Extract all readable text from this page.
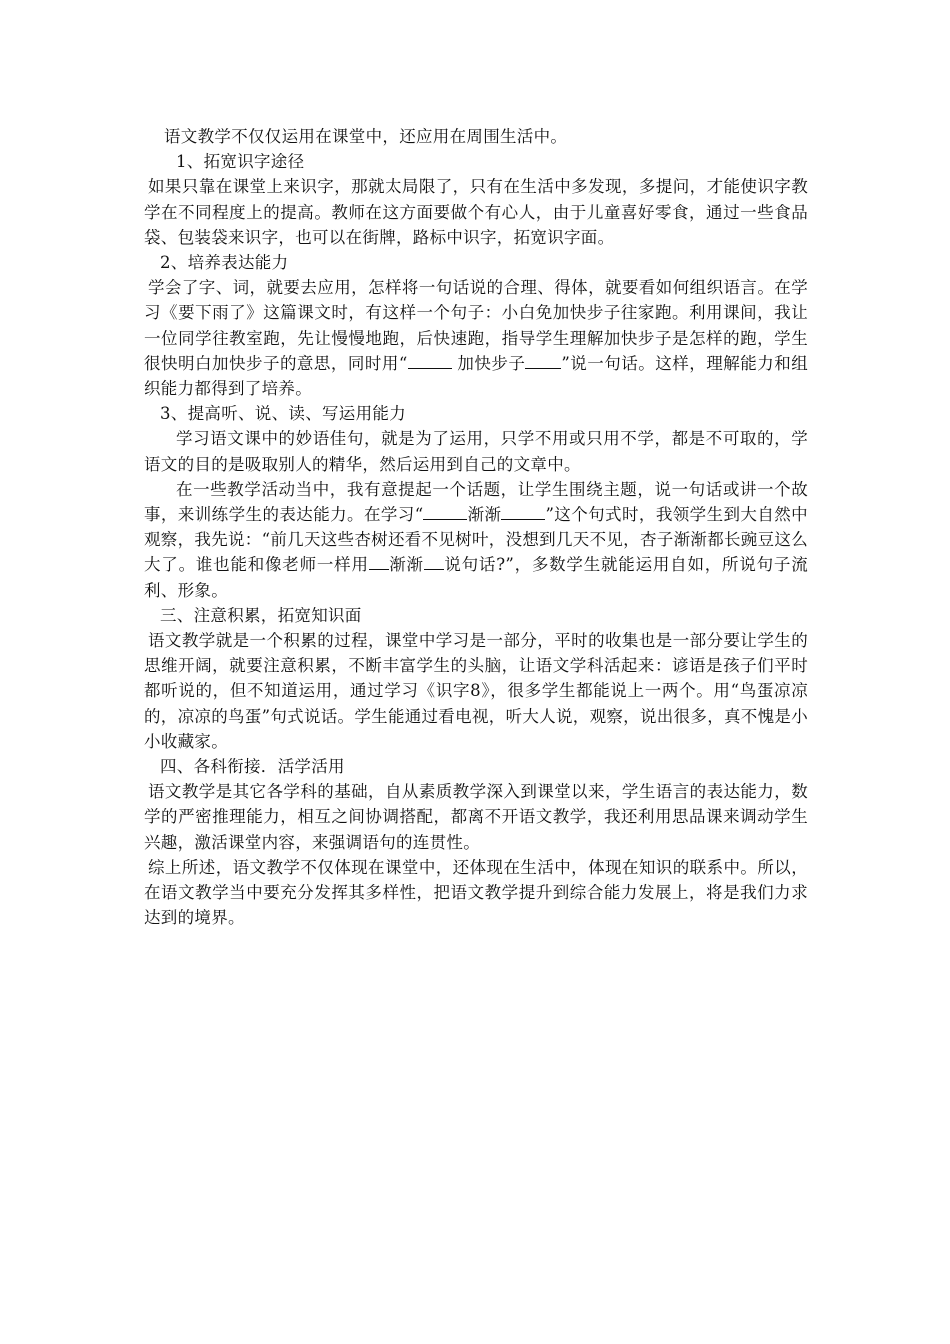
语文教学不仅仅运用在课堂中，还应用在周围生活中。

1、拓宽识字途径

如果只靠在课堂上来识字，那就太局限了，只有在生活中多发现，多提问，才能使识字教学在不同程度上的提高。教师在这方面要做个有心人，由于儿童喜好零食，通过一些食品袋、包装袋来识字，也可以在街牌，路标中识字，拓宽识字面。

2、培养表达能力

学会了字、词，就要去应用，怎样将一句话说的合理、得体，就要看如何组织语言。在学习《要下雨了》这篇课文时，有这样一个句子：小白免加快步子往家跑。利用课间，我让一位同学往教室跑，先让慢慢地跑，后快速跑，指导学生理解加快步子是怎样的跑，学生很快明白加快步子的意思，同时用“	加快步子 ”说一句话。这样，理解能力和组织能力都得到了培养。

3、提高听、说、读、写运用能力

学习语文课中的妙语佳句，就是为了运用，只学不用或只用不学，都是不可取的，学语文的目的是吸取别人的精华，然后运用到自己的文章中。

在一些教学活动当中，我有意提起一个话题，让学生围绕主题，说一句话或讲一个故事，来训练学生的表达能力。在学习“	渐渐	”这个句式时，我领学生到大自然中观察，我先说：“前几天这些杏树还看不见树叶，没想到几天不见，杏子渐渐都长豌豆这么大了。谁也能和像老师一样用 渐渐 说句话?”，多数学生就能运用自如，所说句子流利、形象。

三、注意积累，拓宽知识面

语文教学就是一个积累的过程，课堂中学习是一部分，平时的收集也是一部分要让学生的思维开阔，就要注意积累，不断丰富学生的头脑，让语文学科活起来：谚语是孩子们平时都听说的，但不知道运用，通过学习《识字8》，很多学生都能说上一两个。用“鸟蛋凉凉的，凉凉的鸟蛋”句式说话。学生能通过看电视，听大人说，观察，说出很多，真不愧是小小收藏家。

四、各科衔接．活学活用

语文教学是其它各学科的基础，自从素质教学深入到课堂以来，学生语言的表达能力，数学的严密推理能力，相互之间协调搭配，都离不开语文教学，我还利用思品课来调动学生兴趣，激活课堂内容，来强调语句的连贯性。

综上所述，语文教学不仅体现在课堂中，还体现在生活中，体现在知识的联系中。所以，在语文教学当中要充分发挥其多样性，把语文教学提升到综合能力发展上，将是我们力求达到的境界。
